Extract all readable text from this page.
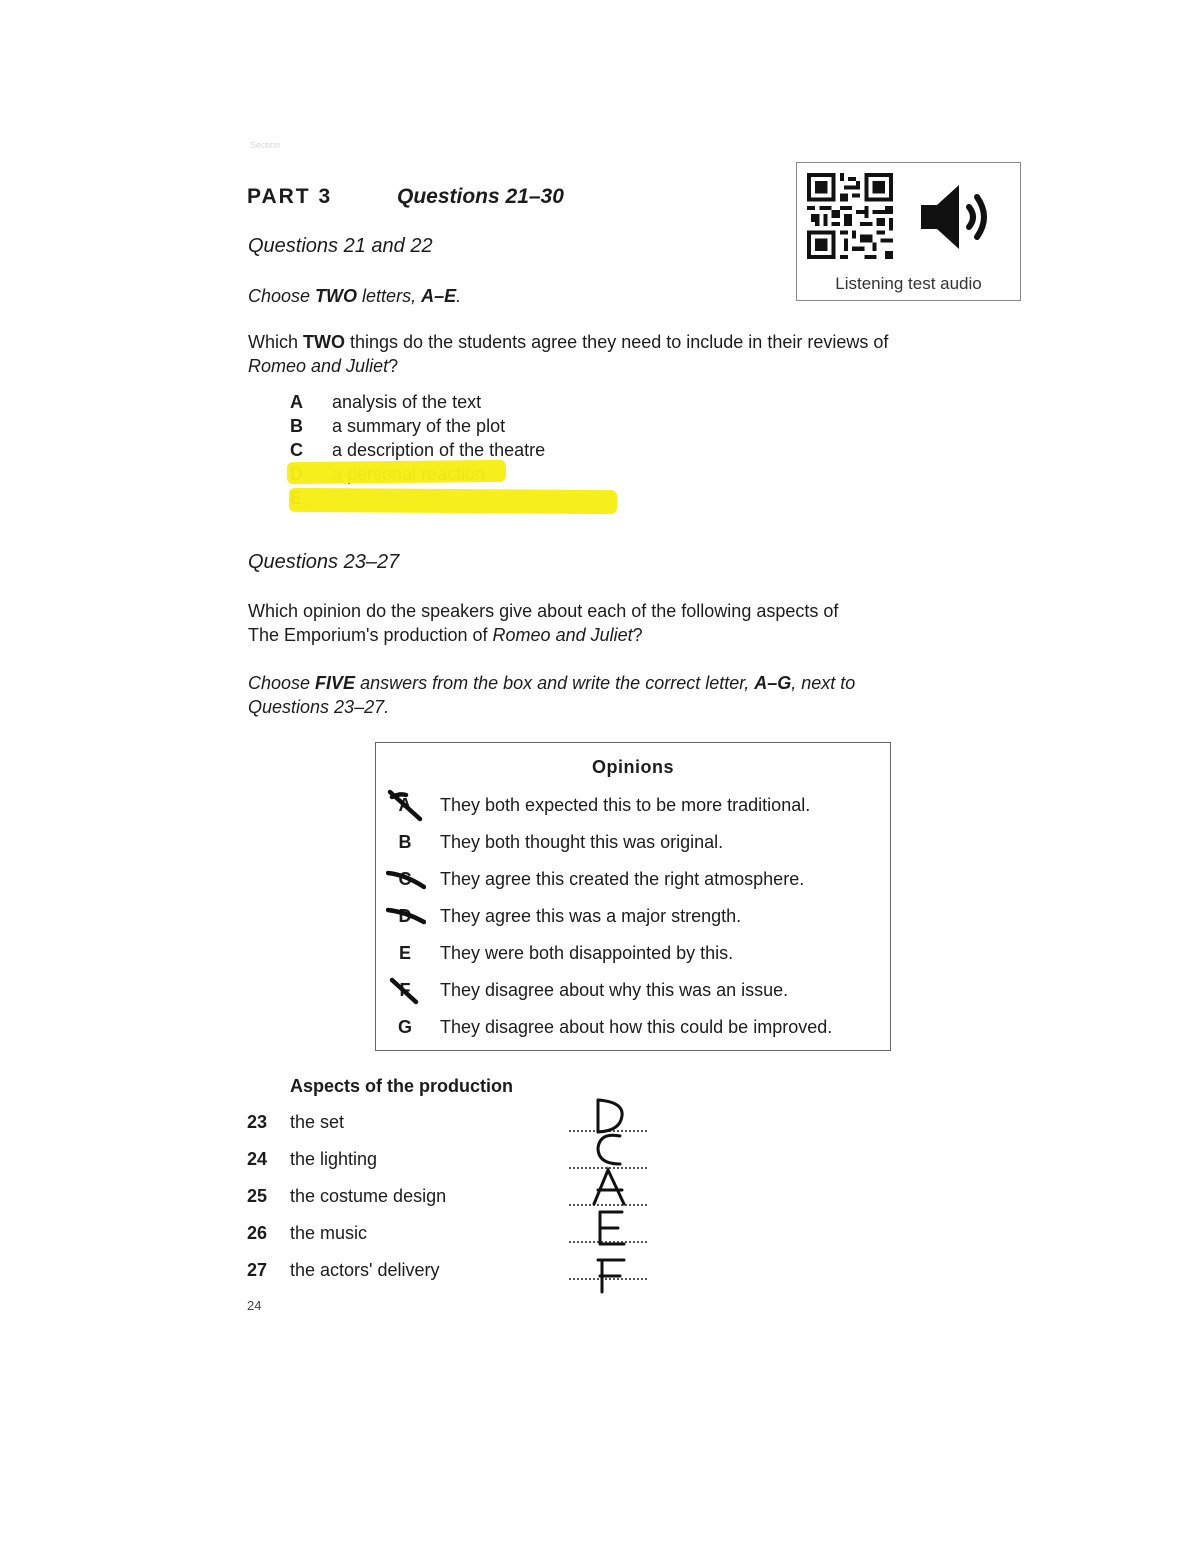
Section
PART 3	Questions 21–30
Listening test audio
Questions 21 and 22
Choose TWO letters, A–E.
Which TWO things do the students agree they need to include in their reviews of
Romeo and Juliet?
A analysis of the text
B a summary of the plot
C a description of the theatre
Questions 23–27
Which opinion do the speakers give about each of the following aspects of
The Emporium's production of Romeo and Juliet?
Choose FIVE answers from the box and write the correct letter, A–G, next to
Questions 23–27.
Opinions
A They both expected this to be more traditional.
B They both thought this was original.
C They agree this created the right atmosphere.
D They agree this was a major strength.
E They were both disappointed by this.
F	They disagree about why this was an issue.
G They disagree about how this could be improved.
Aspects of the production
23 the set
24 the lighting
25 the costume design
26 the music
27 the actors' delivery
24
